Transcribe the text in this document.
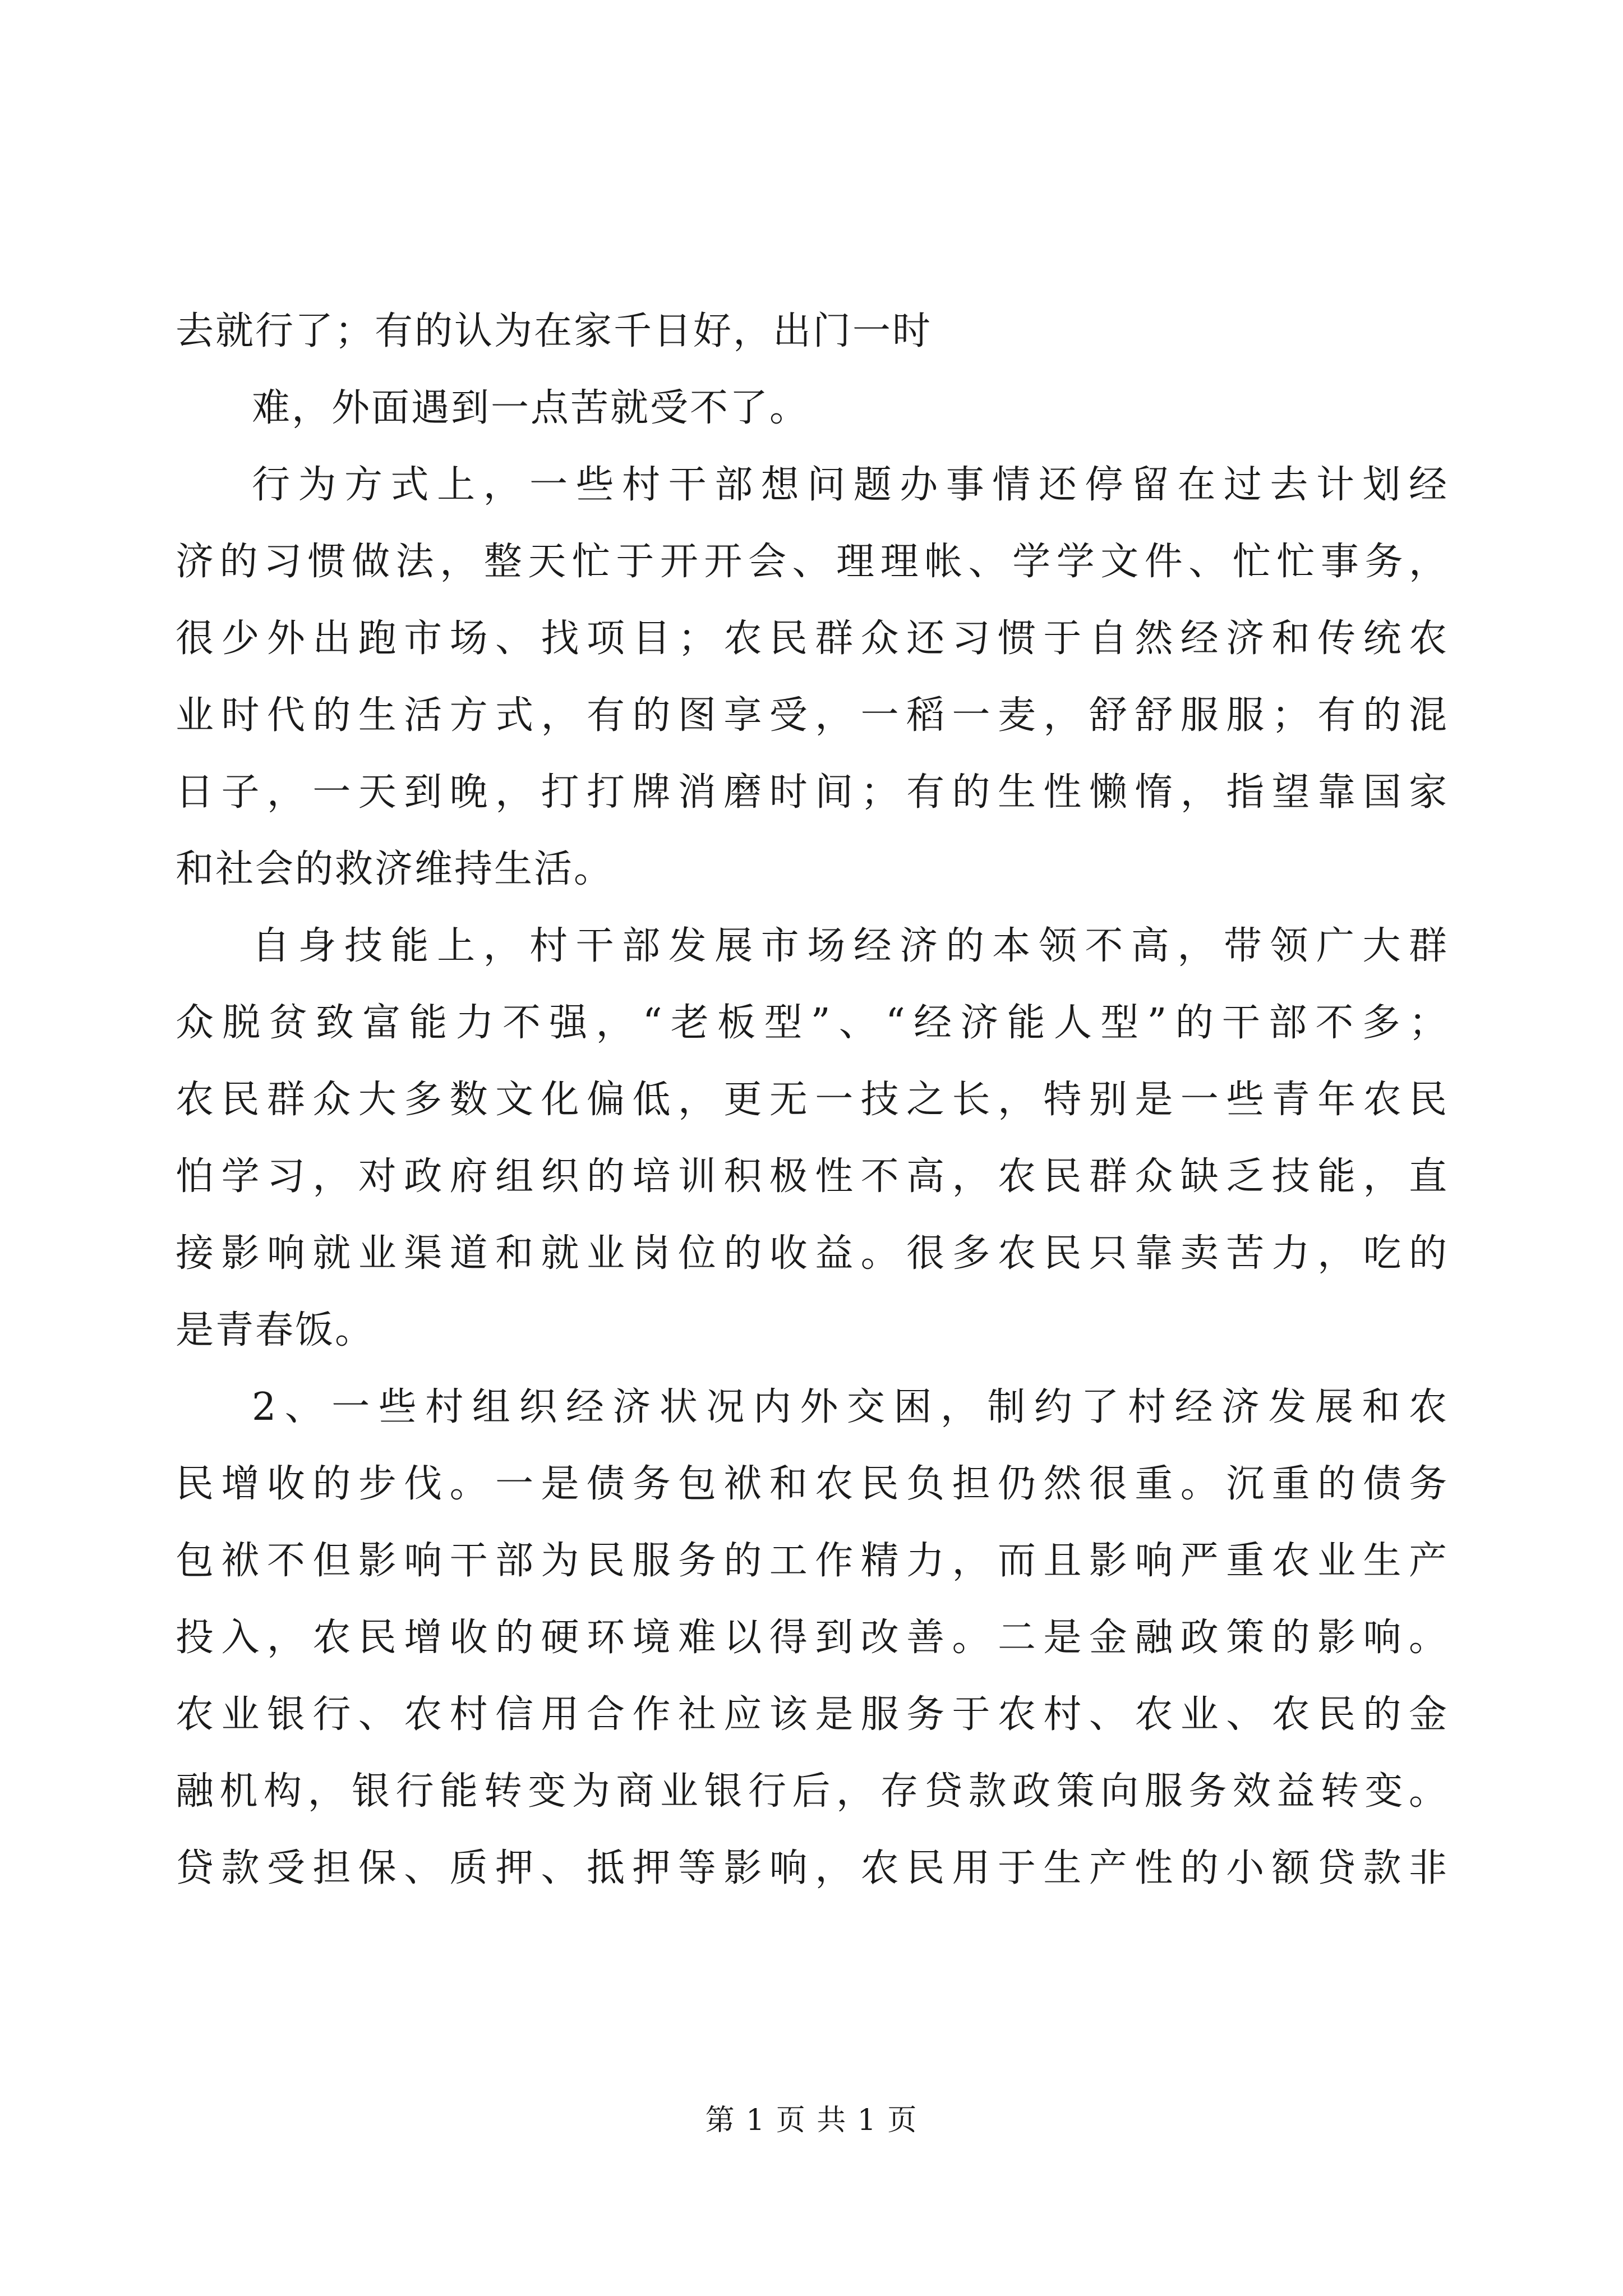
去就行了；有的认为在家千日好，出门一时
难，外面遇到一点苦就受不了。
行为方式上，一些村干部想问题办事情还停留在过去计划经
济的习惯做法，整天忙于开开会、理理帐、学学文件、忙忙事务，
很少外出跑市场、找项目；农民群众还习惯于自然经济和传统农
业时代的生活方式，有的图享受，一稻一麦，舒舒服服；有的混
日子，一天到晚，打打牌消磨时间；有的生性懒惰，指望靠国家
和社会的救济维持生活。
自身技能上，村干部发展市场经济的本领不高，带领广大群
众脱贫致富能力不强，“老板型”、“经济能人型”的干部不多；
农民群众大多数文化偏低，更无一技之长，特别是一些青年农民
怕学习，对政府组织的培训积极性不高，农民群众缺乏技能，直
接影响就业渠道和就业岗位的收益。很多农民只靠卖苦力，吃的
是青春饭。
2、一些村组织经济状况内外交困，制约了村经济发展和农
民增收的步伐。一是债务包袱和农民负担仍然很重。沉重的债务
包袱不但影响干部为民服务的工作精力，而且影响严重农业生产
投入，农民增收的硬环境难以得到改善。二是金融政策的影响。
农业银行、农村信用合作社应该是服务于农村、农业、农民的金
融机构，银行能转变为商业银行后，存贷款政策向服务效益转变。
贷款受担保、质押、抵押等影响，农民用于生产性的小额贷款非
第 1 页 共 1 页
